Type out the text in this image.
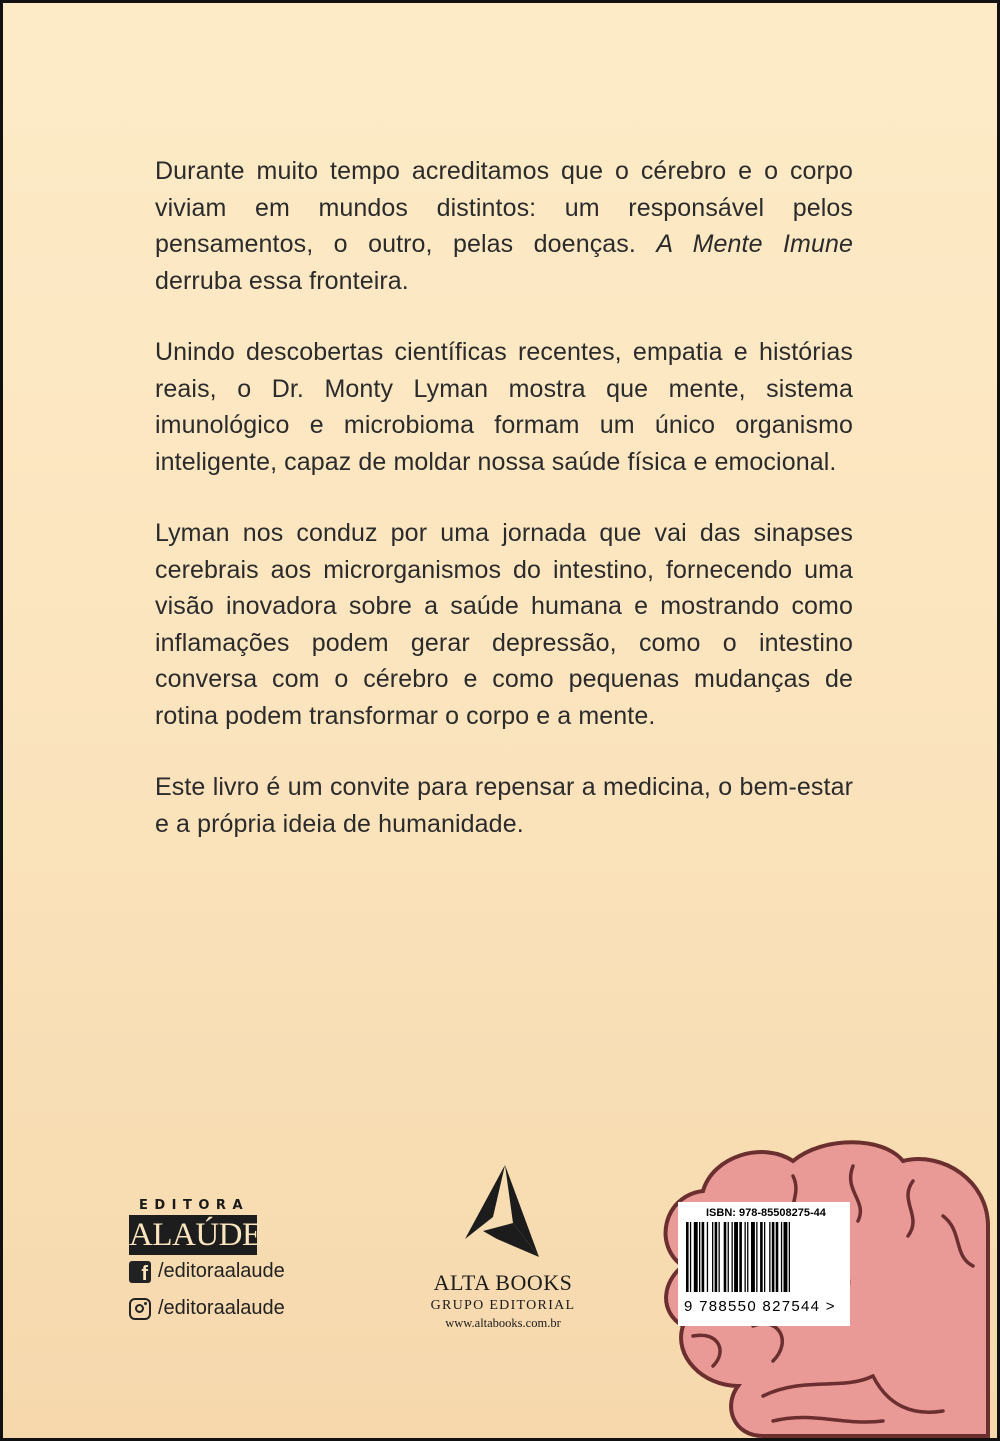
Durante muito tempo acreditamos que o cérebro e o corpo viviam em mundos distintos: um responsável pelos pensamentos, o outro, pelas doenças. A Mente Imune derruba essa fronteira.

Unindo descobertas científicas recentes, empatia e histórias reais, o Dr. Monty Lyman mostra que mente, sistema imunológico e microbioma formam um único organismo inteligente, capaz de moldar nossa saúde física e emocional.

Lyman nos conduz por uma jornada que vai das sinapses cerebrais aos microrganismos do intestino, fornecendo uma visão inovadora sobre a saúde humana e mostrando como inflamações podem gerar depressão, como o intestino conversa com o cérebro e como pequenas mudanças de rotina podem transformar o corpo e a mente.

Este livro é um convite para repensar a medicina, o bem-estar e a própria ideia de humanidade.

EDITORA
ALAÚDE
f /editoraalaude
/editoraalaude
ALTA BOOKS
GRUPO EDITORIAL
www.altabooks.com.br
ISBN: 978-85508275-44
9 788550 827544 >
